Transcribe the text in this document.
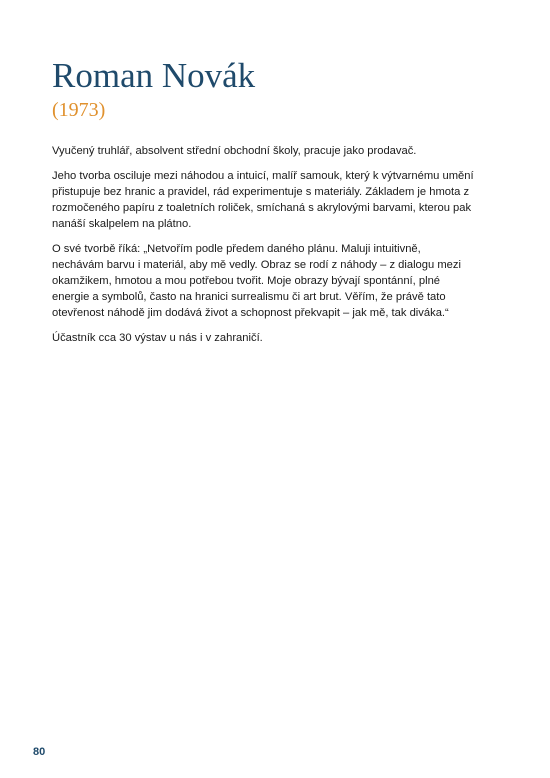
Roman Novák
(1973)

Vyučený truhlář, absolvent střední obchodní školy, pracuje jako prodavač.

Jeho tvorba osciluje mezi náhodou a intuicí, malíř samouk, který k výtvarnému umění přistupuje bez hranic a pravidel, rád experimentuje s materiály. Základem je hmota z rozmočeného papíru z toaletních roliček, smíchaná s akrylovými barvami, kterou pak nanáší skalpelem na plátno.

O své tvorbě říká: „Netvořím podle předem daného plánu. Maluji intuitivně, nechávám barvu i materiál, aby mě vedly. Obraz se rodí z náhody – z dialogu mezi okamžikem, hmotou a mou potřebou tvořit. Moje obrazy bývají spontánní, plné energie a symbolů, často na hranici surrealismu či art brut. Věřím, že právě tato otevřenost náhodě jim dodává život a schopnost překvapit – jak mě, tak diváka.“

Účastník cca 30 výstav u nás i v zahraničí.

80
